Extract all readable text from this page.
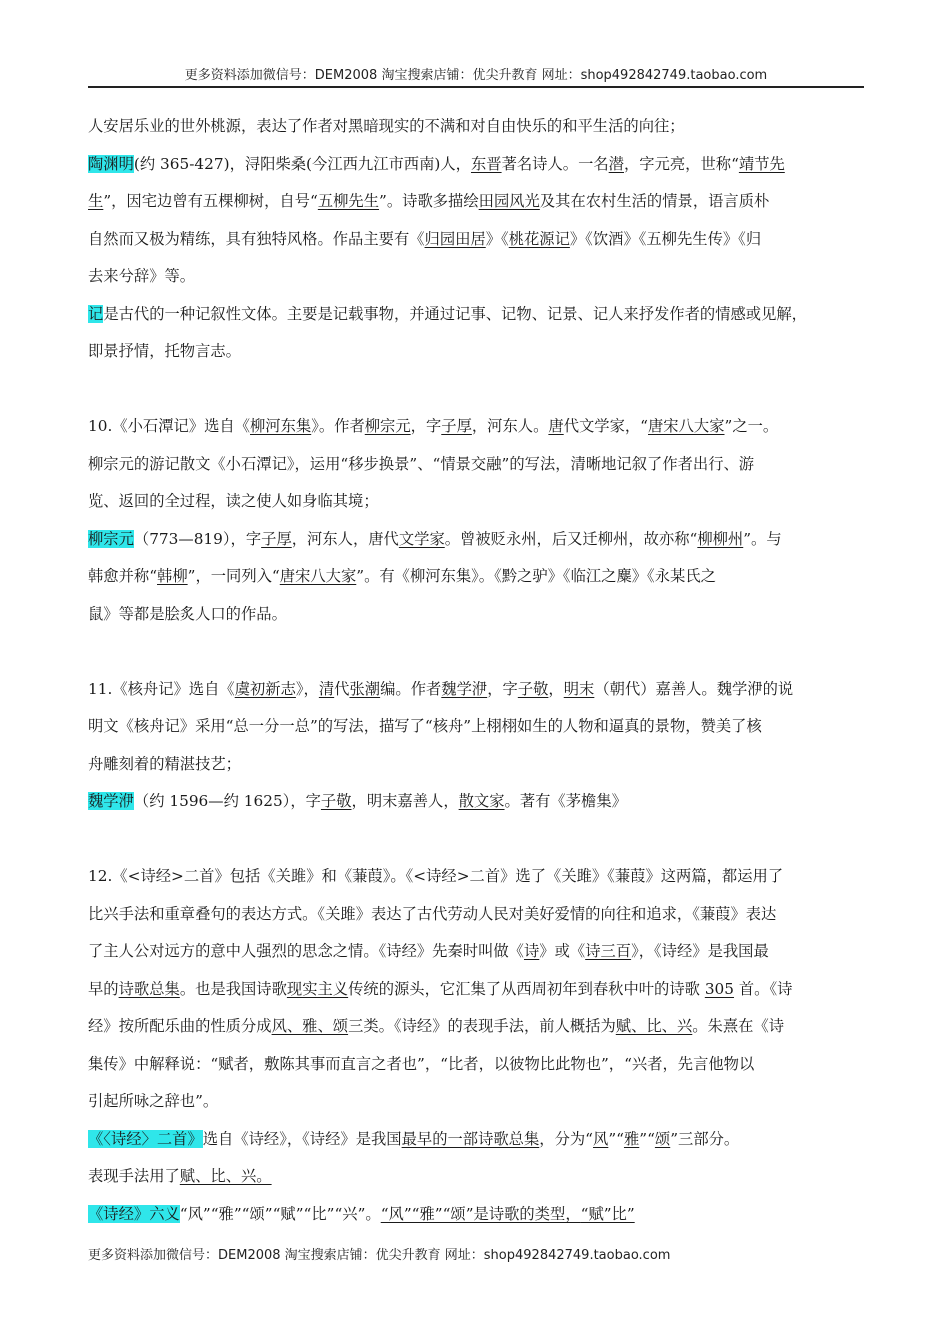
更多资料添加微信号：DEM2008 淘宝搜索店铺：优尖升教育 网址：shop492842749.taobao.com

人安居乐业的世外桃源，表达了作者对黑暗现实的不满和对自由快乐的和平生活的向往；

陶渊明(约 365-427)，浔阳柴桑(今江西九江市西南)人，东晋著名诗人。一名潜，字元亮，世称“靖节先

生”，因宅边曾有五棵柳树，自号“五柳先生”。诗歌多描绘田园风光及其在农村生活的情景，语言质朴

自然而又极为精练，具有独特风格。作品主要有《归园田居》《桃花源记》《饮酒》《五柳先生传》《归

去来兮辞》等。

记是古代的一种记叙性文体。主要是记载事物，并通过记事、记物、记景、记人来抒发作者的情感或见解，

即景抒情，托物言志。

10.《小石潭记》选自《柳河东集》。作者柳宗元，字子厚，河东人。唐代文学家，“唐宋八大家”之一。

柳宗元的游记散文《小石潭记》，运用“移步换景”、“情景交融”的写法，清晰地记叙了作者出行、游

览、返回的全过程，读之使人如身临其境；

柳宗元（773—819），字子厚，河东人，唐代文学家。曾被贬永州，后又迁柳州，故亦称“柳柳州”。与

韩愈并称“韩柳”，一同列入“唐宋八大家”。有《柳河东集》。《黔之驴》《临江之麋》《永某氏之

鼠》等都是脍炙人口的作品。

11.《核舟记》选自《虞初新志》，清代张潮编。作者魏学洢，字子敬，明末（朝代）嘉善人。魏学洢的说

明文《核舟记》采用“总一分一总”的写法，描写了“核舟”上栩栩如生的人物和逼真的景物，赞美了核

舟雕刻着的精湛技艺；

魏学洢（约 1596—约 1625），字子敬，明末嘉善人，散文家。著有《茅檐集》

12.《<诗经>二首》包括《关雎》和《蒹葭》。《<诗经>二首》选了《关雎》《蒹葭》这两篇，都运用了

比兴手法和重章叠句的表达方式。《关雎》表达了古代劳动人民对美好爱情的向往和追求，《蒹葭》表达

了主人公对远方的意中人强烈的思念之情。《诗经》先秦时叫做《诗》或《诗三百》，《诗经》是我国最

早的诗歌总集。也是我国诗歌现实主义传统的源头，它汇集了从西周初年到春秋中叶的诗歌 305 首。《诗

经》按所配乐曲的性质分成风、雅、颂三类。《诗经》的表现手法，前人概括为赋、比、兴。朱熹在《诗

集传》中解释说：“赋者，敷陈其事而直言之者也”，“比者，以彼物比此物也”，“兴者，先言他物以

引起所咏之辞也”。

《〈诗经〉二首》选自《诗经》，《诗经》是我国最早的一部诗歌总集，分为“风”“雅”“颂”三部分。

表现手法用了赋、比、兴。

《诗经》六义“风”“雅”“颂”“赋”“比”“兴”。“风”“雅”“颂”是诗歌的类型，“赋”比”

更多资料添加微信号：DEM2008 淘宝搜索店铺：优尖升教育 网址：shop492842749.taobao.com
